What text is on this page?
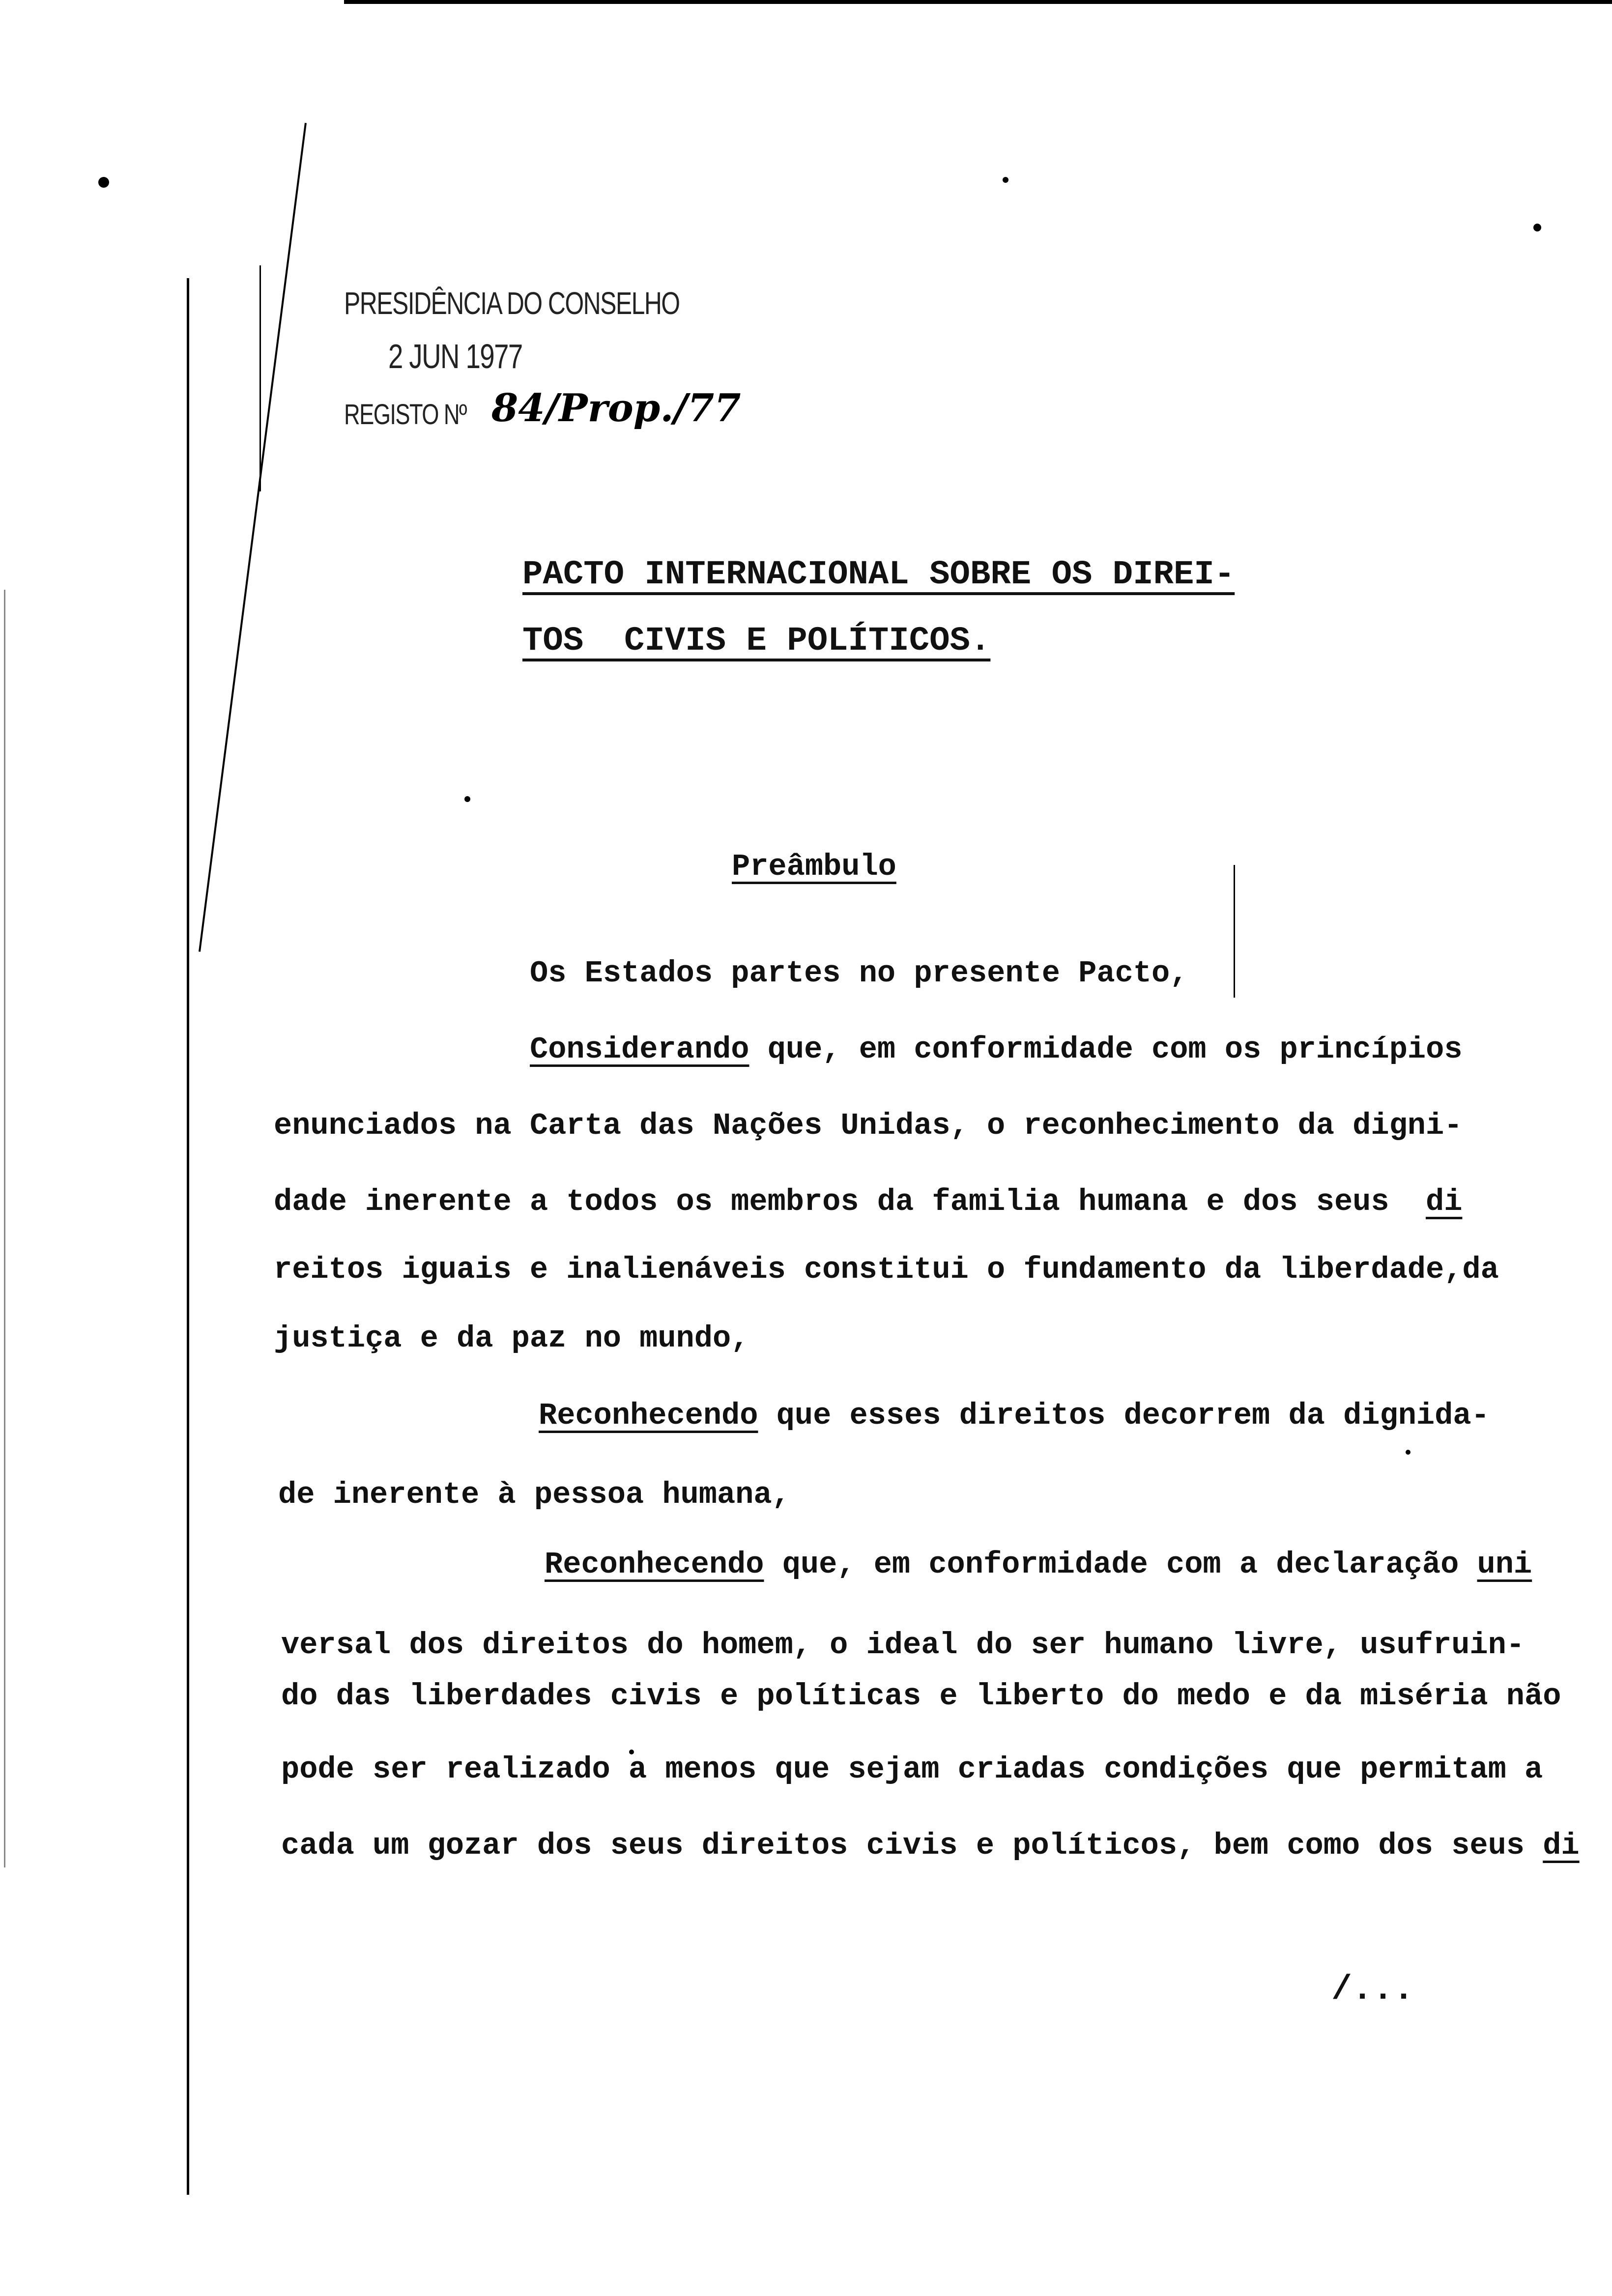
PRESIDÊNCIA DO CONSELHO
2 JUN 1977
REGISTO Nº 84/Prop./77
PACTO INTERNACIONAL SOBRE OS DIREI-
TOS  CIVIS E POLÍTICOS.
Preâmbulo
Os Estados partes no presente Pacto,
Considerando que, em conformidade com os princípios
enunciados na Carta das Nações Unidas, o reconhecimento da digni-
dade inerente a todos os membros da familia humana e dos seus  di
reitos iguais e inalienáveis constitui o fundamento da liberdade,da
justiça e da paz no mundo,
Reconhecendo que esses direitos decorrem da dignida-
de inerente à pessoa humana,
Reconhecendo que, em conformidade com a declaração uni
versal dos direitos do homem, o ideal do ser humano livre, usufruin-
do das liberdades civis e políticas e liberto do medo e da miséria não
pode ser realizado a menos que sejam criadas condições que permitam a
cada um gozar dos seus direitos civis e políticos, bem como dos seus di
/...
